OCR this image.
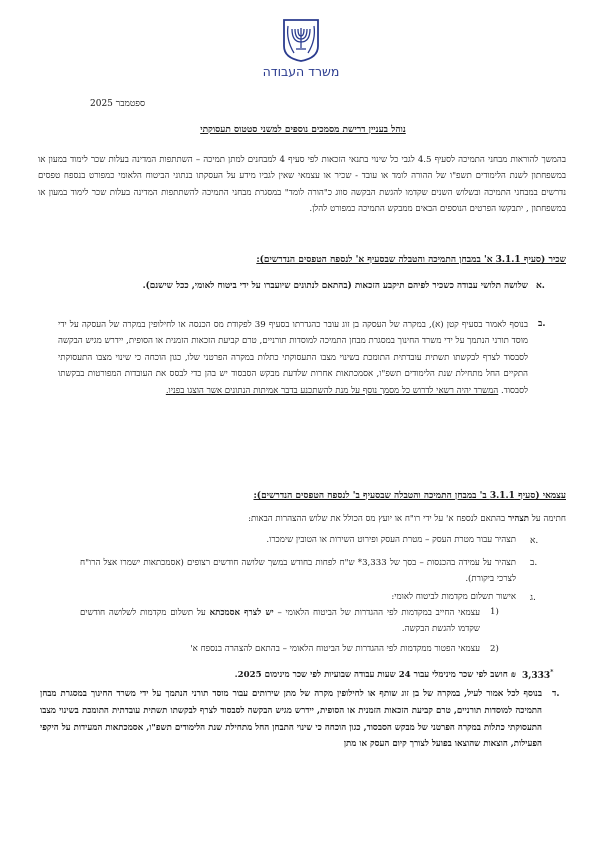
משרד העבודה
ספטמבר 2025
נוהל בעניין דרישת מסמכים נוספים למשני סטטוס תעסוקתי
בהמשך להוראות מבחני התמיכה לסעיף 4.5 לגבי כל שינוי בתנאי הזכאות לפי סעיף 4 למבחנים למתן תמיכה – השתתפות המדינה בעלות שכר לימוד במעון או במשפחתון לשנת הלימודים תשפ"ו של ההורה לומד או עובד - שכיר או עצמאי שאין לגביו מידע על העסקתו בנתוני הביטוח הלאומי כמפורט בנספח טפסים נדרשים במבחני התמיכה ובשלוש השנים שקדמו להגשת הבקשה סווג כ"הורה לומד" במסגרת מבחני התמיכה להשתתפות המדינה בעלות שכר לימוד במעון או במשפחתון , יתבקשו הפרטים הנוספים הבאים ממבקש התמיכה כמפורט להלן.
שכיר (סעיף 3.1.1 א' במבחן התמיכה והטבלה שבסעיף א' לנספח הטפסים הנדרשים):
א.
שלושה תלושי עבודה כשכיר לפיהם תיקבע הזכאות (בהתאם לנתונים שיועברו על ידי ביטוח לאומי, ככל שישנם).
ב.
בנוסף לאמור בסעיף קטן (א), במקרה של העסקה בן זוג עובר כהגדרתו בסעיף 39 לפקודת מס הכנסה או לחילופין במקרה של העסקה על ידי מוסד תורני הנתמך על ידי משרד החינוך במסגרת מבחן התמיכה למוסדות תורניים, טרם קביעת הזכאות הזמנית או הסופית, יידרש מגיש הבקשה לסבסוד לצרף לבקשתו תשתית עובדתית התומכת בשינוי מצבו התעסוקתי כתלות במקרה הפרטני שלו, כגון הוכחה כי שינוי מצבו התעסוקתי התקיים החל מתחילת שנת הלימודים תשפ"ו, אסמכתאות אחרות שלדעת מבקש הסבסוד יש בהן כדי לבסס את העובדות המפורטות בבקשתו לסבסוד. המשרד יהיה רשאי לדרוש כל מסמך נוסף על מנת להשתכנע בדבר אמיתות הנתונים אשר הוצגו בפניו.
עצמאי (סעיף 3.1.1 ב' במבחן התמיכה והטבלה שבסעיף ב' לנספח הטפסים הנדרשים):
חתימה על תצהיר בהתאם לנספח א' על ידי רו"ח או יועץ מס הכולל את שלוש ההצהרות הבאות:
א.
תצהיר עבור מטרת העסק – מטרת העסק ופירוט השירות או הטובין שימכרו.
ב.
תצהיר על עמידה בהכנסות – בסך של 3,333* ש"ח לפחות בחודש במשך שלושה חודשים רצופים (אסמכתאות ישמרו אצל הרו"ח לצרכי ביקורת).
ג.
אישור תשלום מקדמות לביטוח לאומי:
1)
עצמאי החייב במקדמות לפי ההגדרות של הביטוח הלאומי – יש לצרף אסמכתא על תשלום מקדמות לשלושה חודשים שקדמו להגשת הבקשה.
2)
עצמאי הפטור ממקדמות לפי ההגדרות של הביטוח הלאומי – בהתאם להצהרה בנספח א'
3,333*
₪ חושב לפי שכר מינימלי עבור 24 שעות עבודה שבועיות לפי שכר מינימום 2025.
ד.
בנוסף לכל אמור לעיל, במקרה של בן זוג שותף או לחילופין מקרה של מתן שירותים עבור מוסד תורני הנתמך על ידי משרד החינוך במסגרת מבחן התמיכה למוסדות תורניים, טרם קביעת הזכאות הזמנית או הסופית, יידרש מגיש הבקשה לסבסוד לצרף לבקשתו תשתית עובדתית התומכת בשינוי מצבו התעסוקתי כתלות במקרה הפרטני של מבקש הסבסוד, כגון הוכחה כי שינוי התבחן החל מתחילת שנת הלימודים תשפ"ו, אסמכתאות המעידות על היקפי הפעילות, הוצאות שהוצאו בפועל לצורך קיום העסק או מתן
